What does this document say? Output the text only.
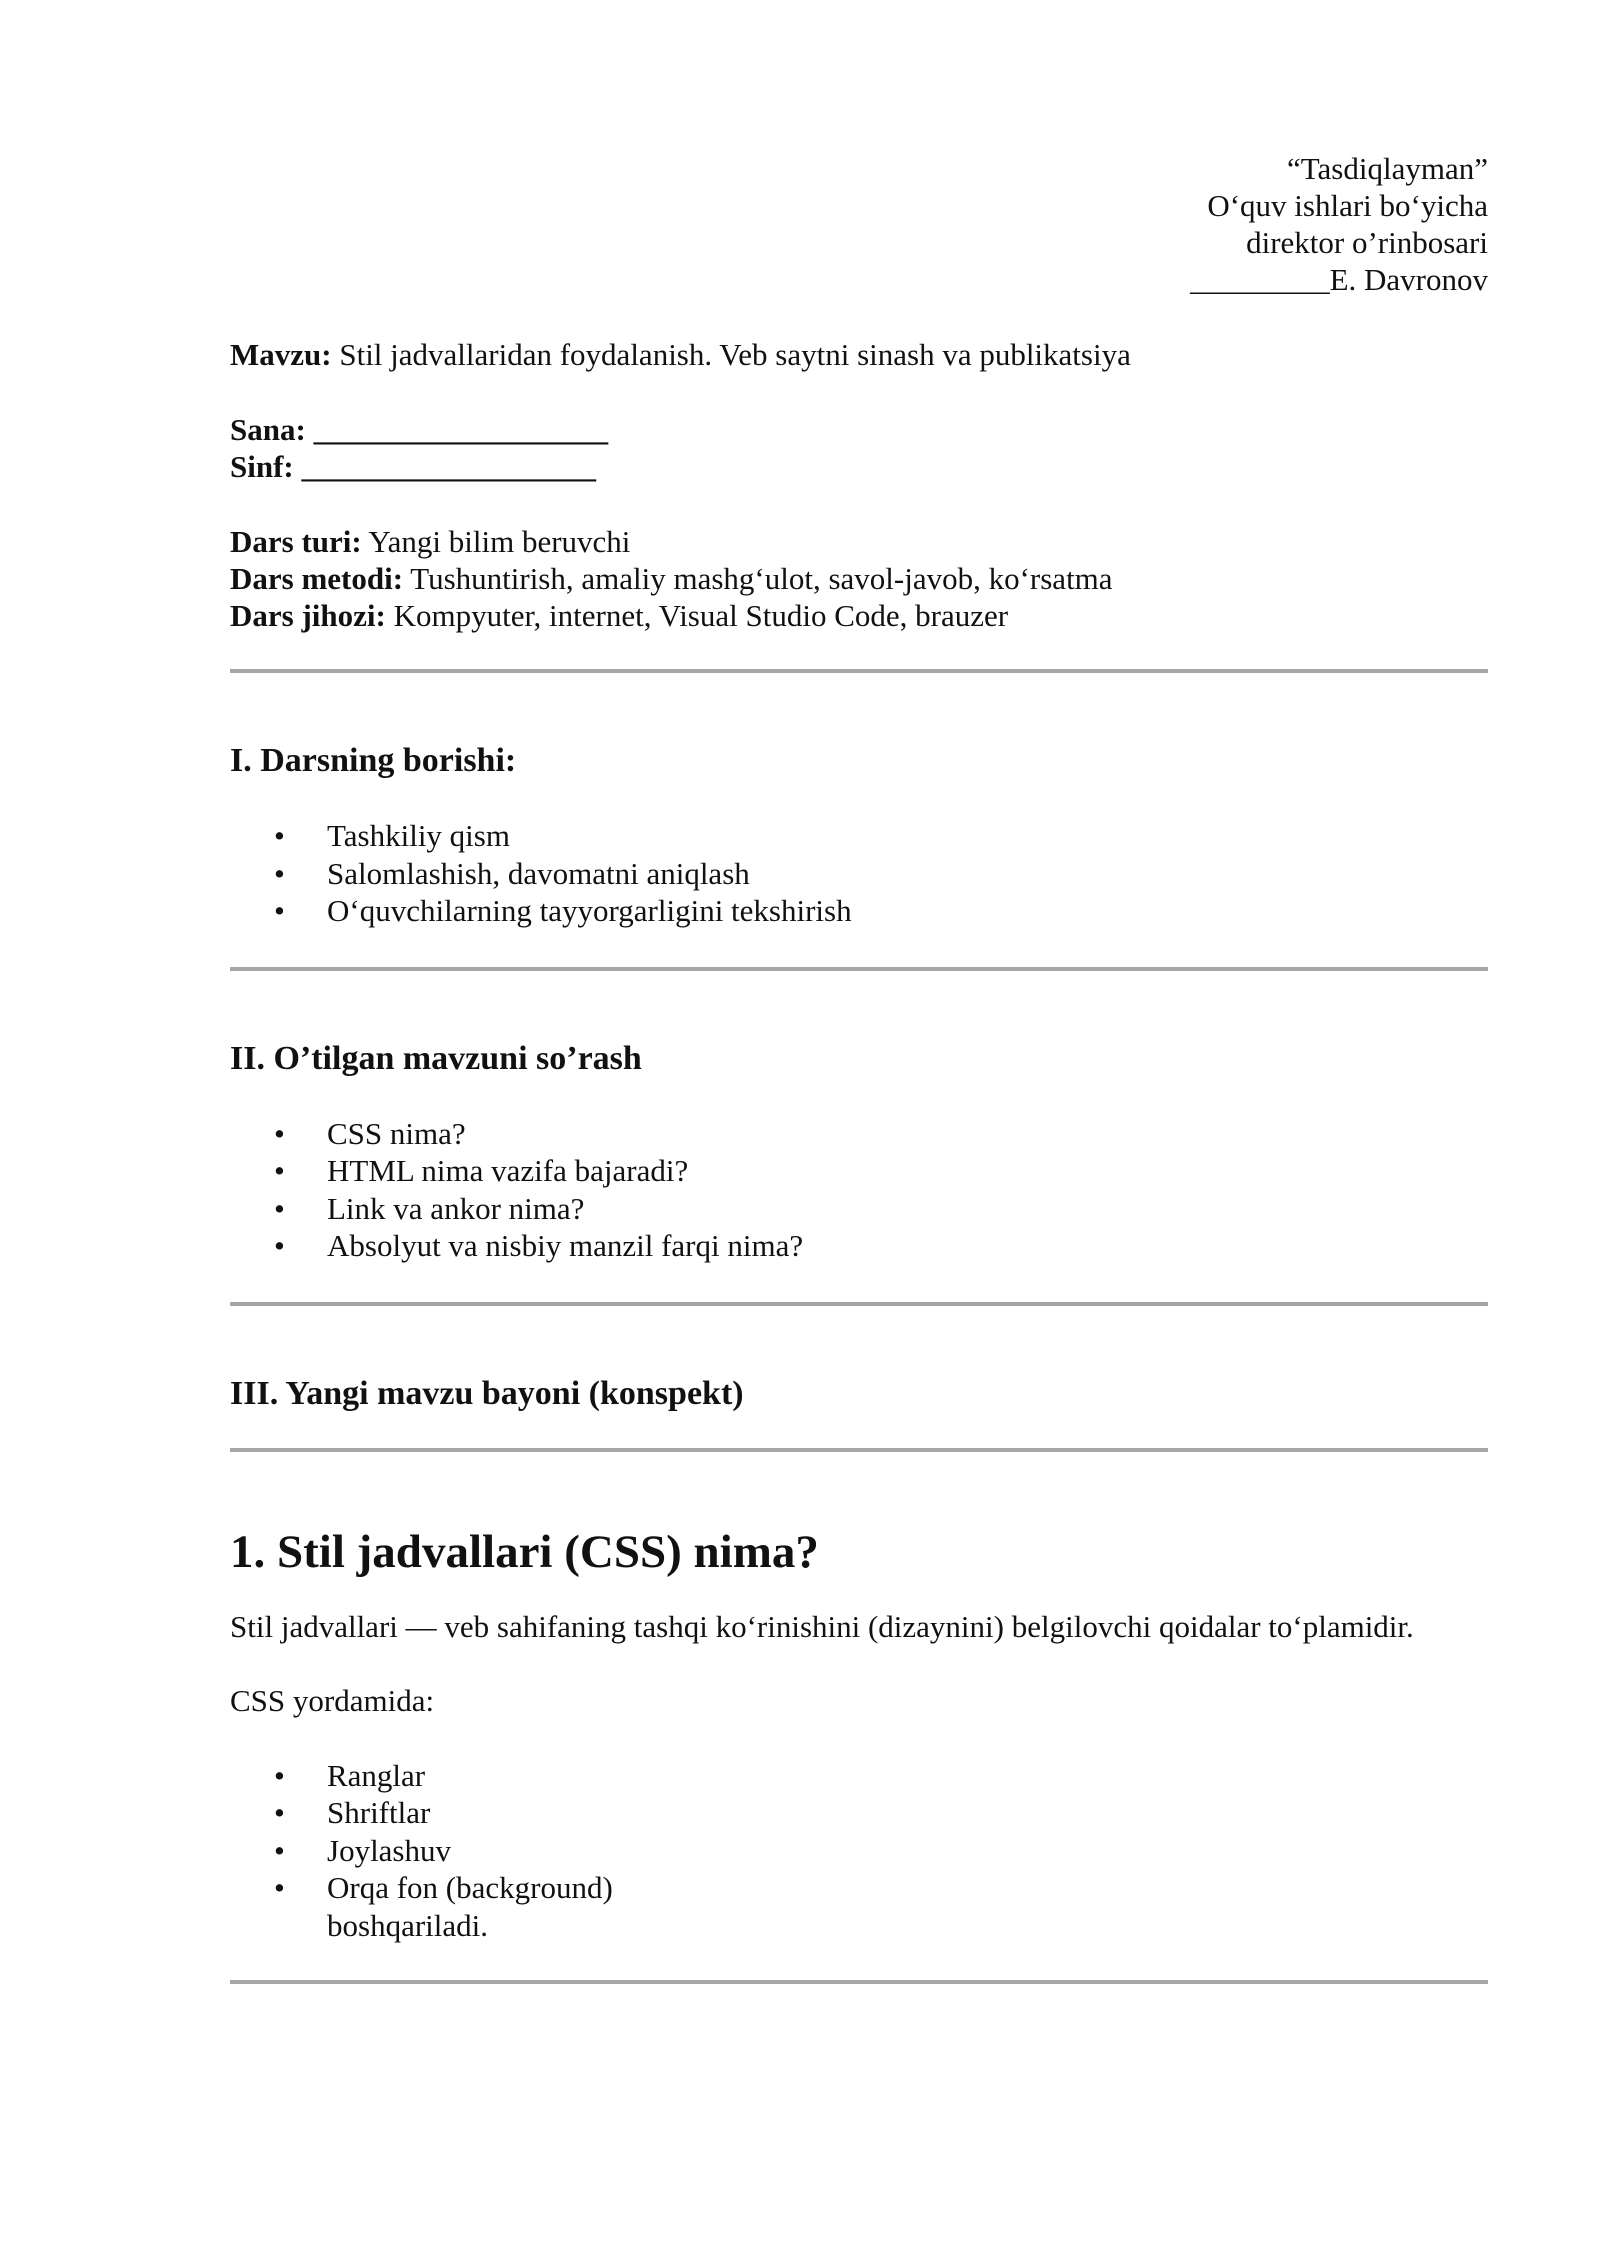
“Tasdiqlayman”
O‘quv ishlari bo‘yicha
direktor o’rinbosari
_________E. Davronov
Mavzu: Stil jadvallaridan foydalanish. Veb saytni sinash va publikatsiya
Sana: ___________________
Sinf: ___________________
Dars turi: Yangi bilim beruvchi
Dars metodi: Tushuntirish, amaliy mashg‘ulot, savol-javob, ko‘rsatma
Dars jihozi: Kompyuter, internet, Visual Studio Code, brauzer
I. Darsning borishi:
• Tashkiliy qism
• Salomlashish, davomatni aniqlash
• O‘quvchilarning tayyorgarligini tekshirish
II. O’tilgan mavzuni so’rash
• CSS nima?
• HTML nima vazifa bajaradi?
• Link va ankor nima?
• Absolyut va nisbiy manzil farqi nima?
III. Yangi mavzu bayoni (konspekt)
1. Stil jadvallari (CSS) nima?

Stil jadvallari — veb sahifaning tashqi ko‘rinishini (dizaynini) belgilovchi qoidalar to‘plamidir.

CSS yordamida:

• Ranglar
• Shriftlar
• Joylashuv
• Orqa fon (background)
boshqariladi.
